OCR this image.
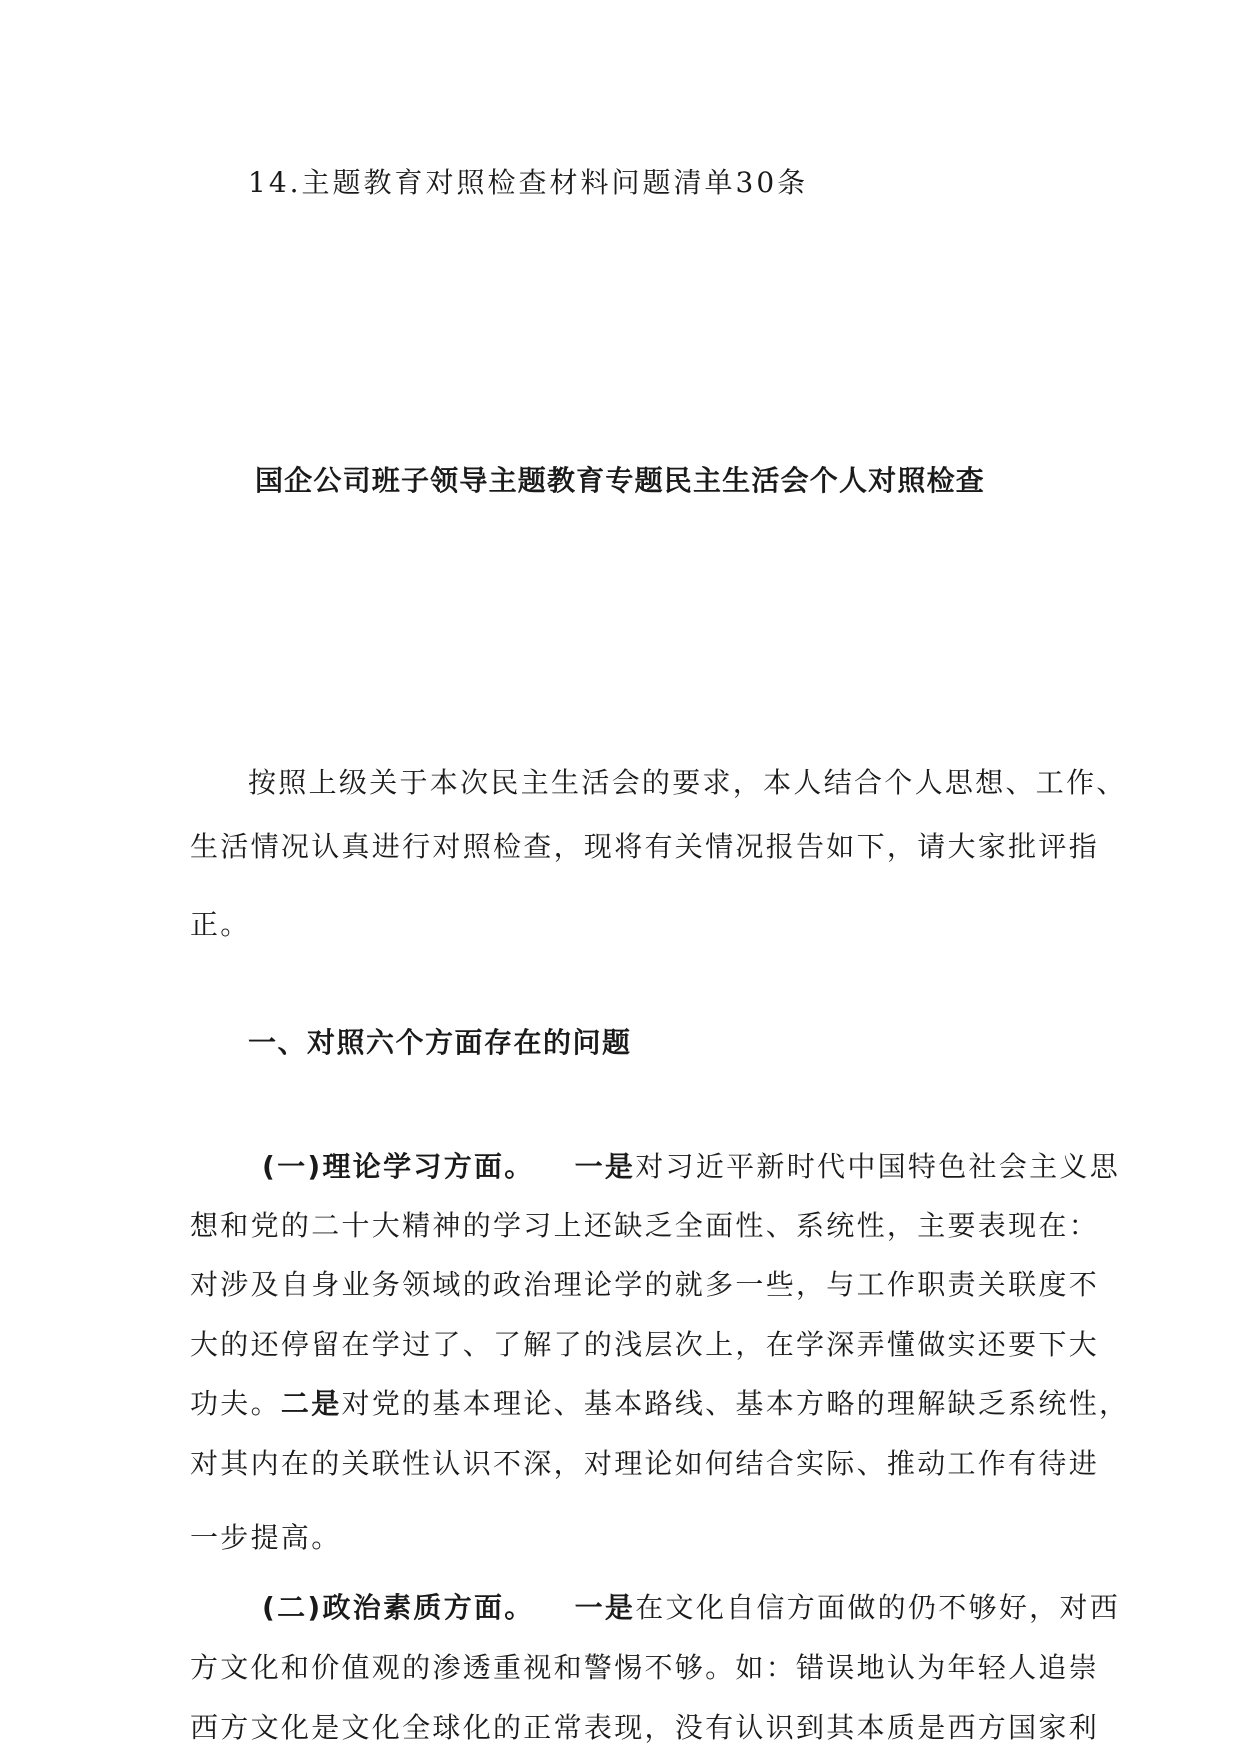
14.主题教育对照检查材料问题清单30条
国企公司班子领导主题教育专题民主生活会个人对照检查
按照上级关于本次民主生活会的要求，本人结合个人思想、工作、
生活情况认真进行对照检查，现将有关情况报告如下，请大家批评指
正。
一、对照六个方面存在的问题
(一)理论学习方面。 一是对习近平新时代中国特色社会主义思
想和党的二十大精神的学习上还缺乏全面性、系统性，主要表现在：
对涉及自身业务领域的政治理论学的就多一些，与工作职责关联度不
大的还停留在学过了、了解了的浅层次上，在学深弄懂做实还要下大
功夫。二是对党的基本理论、基本路线、基本方略的理解缺乏系统性，
对其内在的关联性认识不深，对理论如何结合实际、推动工作有待进
一步提高。
(二)政治素质方面。 一是在文化自信方面做的仍不够好，对西
方文化和价值观的渗透重视和警惕不够。如：错误地认为年轻人追崇
西方文化是文化全球化的正常表现，没有认识到其本质是西方国家利
